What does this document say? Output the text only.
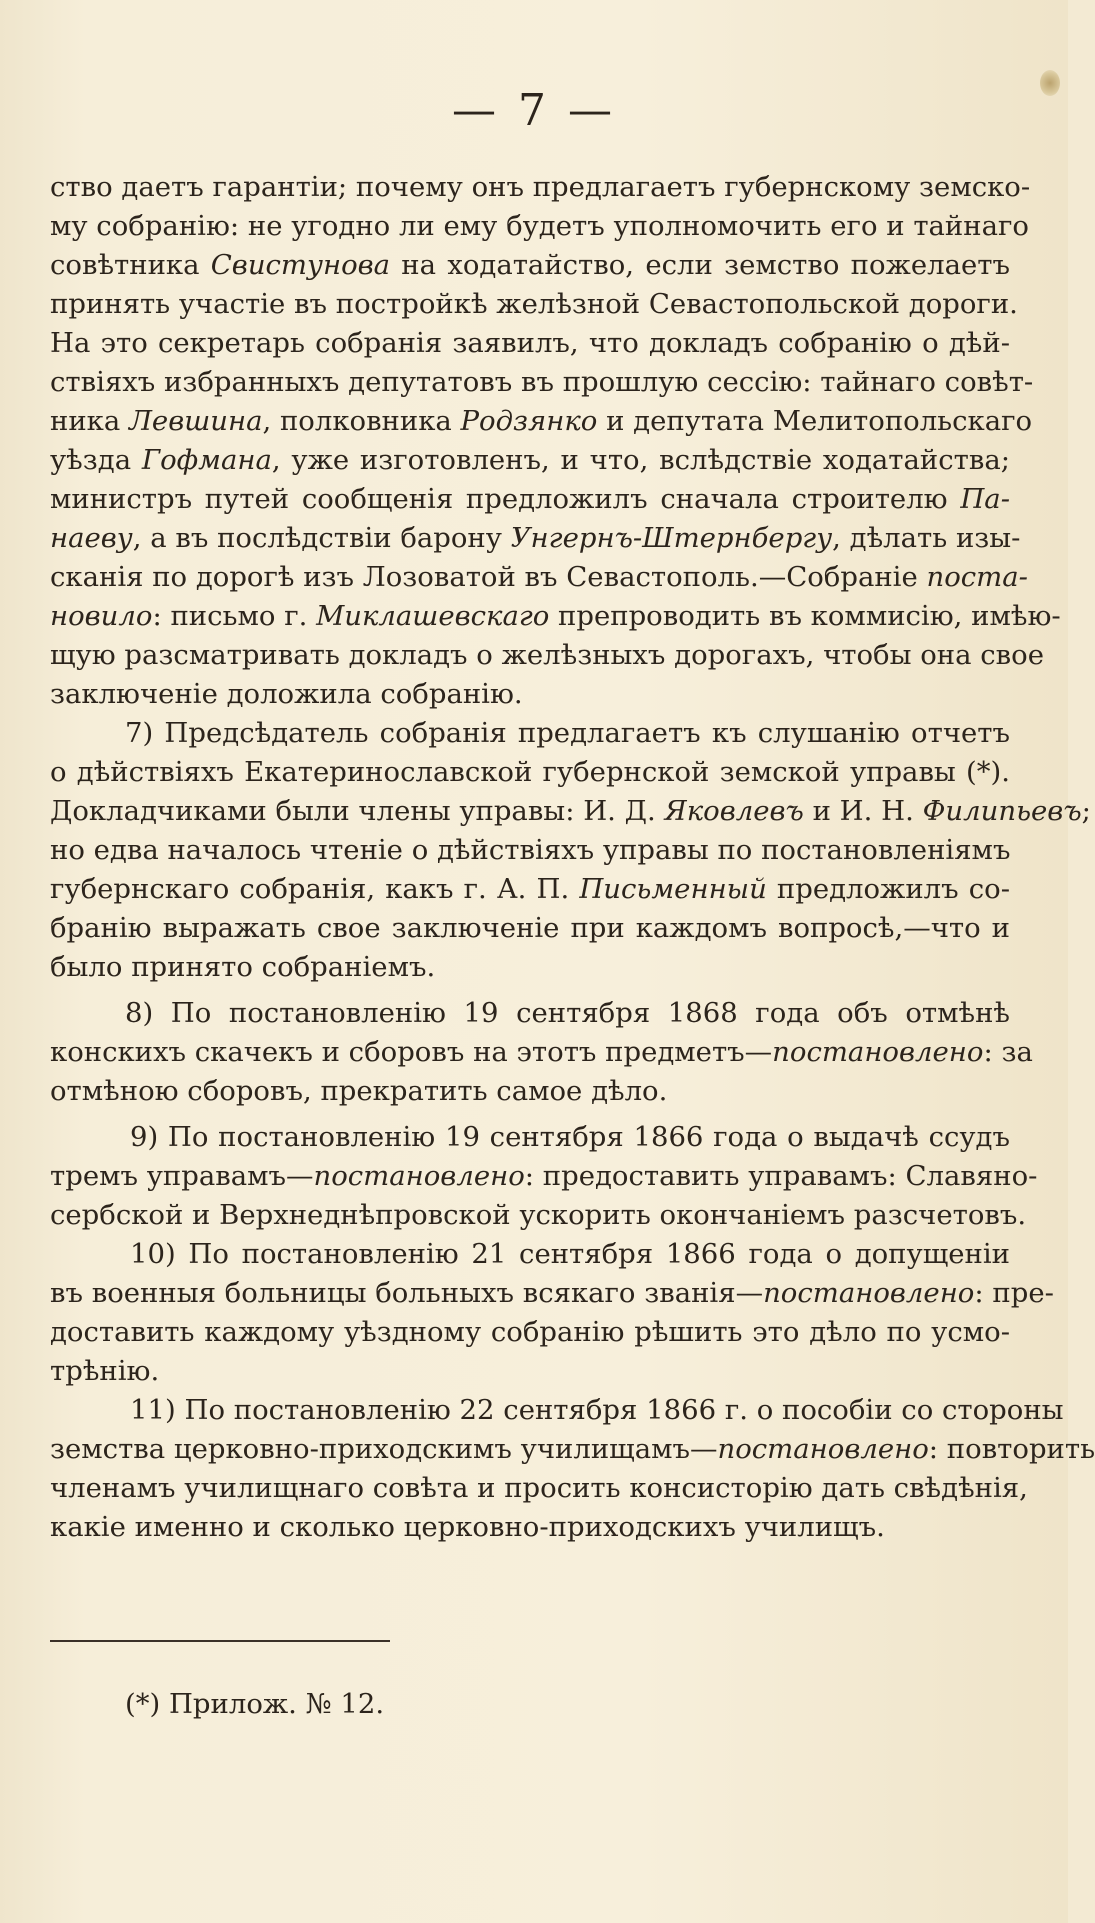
— 7 —
ство даетъ гарантіи; почему онъ предлагаетъ губернскому земско-
му собранію: не угодно ли ему будетъ уполномочить его и тайнаго
совѣтника Свистунова на ходатайство, если земство пожелаетъ
принять участіе въ постройкѣ желѣзной Севастопольской дороги.
На это секретарь собранія заявилъ, что докладъ собранію о дѣй-
ствіяхъ избранныхъ депутатовъ въ прошлую сессію: тайнаго совѣт-
ника Левшина, полковника Родзянко и депутата Мелитопольскаго
уѣзда Гофмана, уже изготовленъ, и что, вслѣдствіе ходатайства;
министръ путей сообщенія предложилъ сначала строителю Па-
наеву, а въ послѣдствіи барону Унгернъ-Штернбергу, дѣлать изы-
сканія по дорогѣ изъ Лозоватой въ Севастополь.—Собраніе поста-
новило: письмо г. Миклашевскаго препроводить въ коммисію, имѣю-
щую разсматривать докладъ о желѣзныхъ дорогахъ, чтобы она свое
заключеніе доложила собранію.
7) Предсѣдатель собранія предлагаетъ къ слушанію отчетъ
о дѣйствіяхъ Екатеринославской губернской земской управы (*).
Докладчиками были члены управы: И. Д. Яковлевъ и И. Н. Филипьевъ;
но едва началось чтеніе о дѣйствіяхъ управы по постановленіямъ
губернскаго собранія, какъ г. А. П. Письменный предложилъ со-
бранію выражать свое заключеніе при каждомъ вопросѣ,—что и
было принято собраніемъ.
8) По постановленію 19 сентября 1868 года объ отмѣнѣ
конскихъ скачекъ и сборовъ на этотъ предметъ—постановлено: за
отмѣною сборовъ, прекратить самое дѣло.
9) По постановленію 19 сентября 1866 года о выдачѣ ссудъ
тремъ управамъ—постановлено: предоставить управамъ: Славяно-
сербской и Верхнеднѣпровской ускорить окончаніемъ разсчетовъ.
10) По постановленію 21 сентября 1866 года о допущеніи
въ военныя больницы больныхъ всякаго званія—постановлено: пре-
доставить каждому уѣздному собранію рѣшить это дѣло по усмо-
трѣнію.
11) По постановленію 22 сентября 1866 г. о пособіи со стороны
земства церковно-приходскимъ училищамъ—постановлено: повторить
членамъ училищнаго совѣта и просить консисторію дать свѣдѣнія,
какіе именно и сколько церковно-приходскихъ училищъ.
(*) Прилож. № 12.
